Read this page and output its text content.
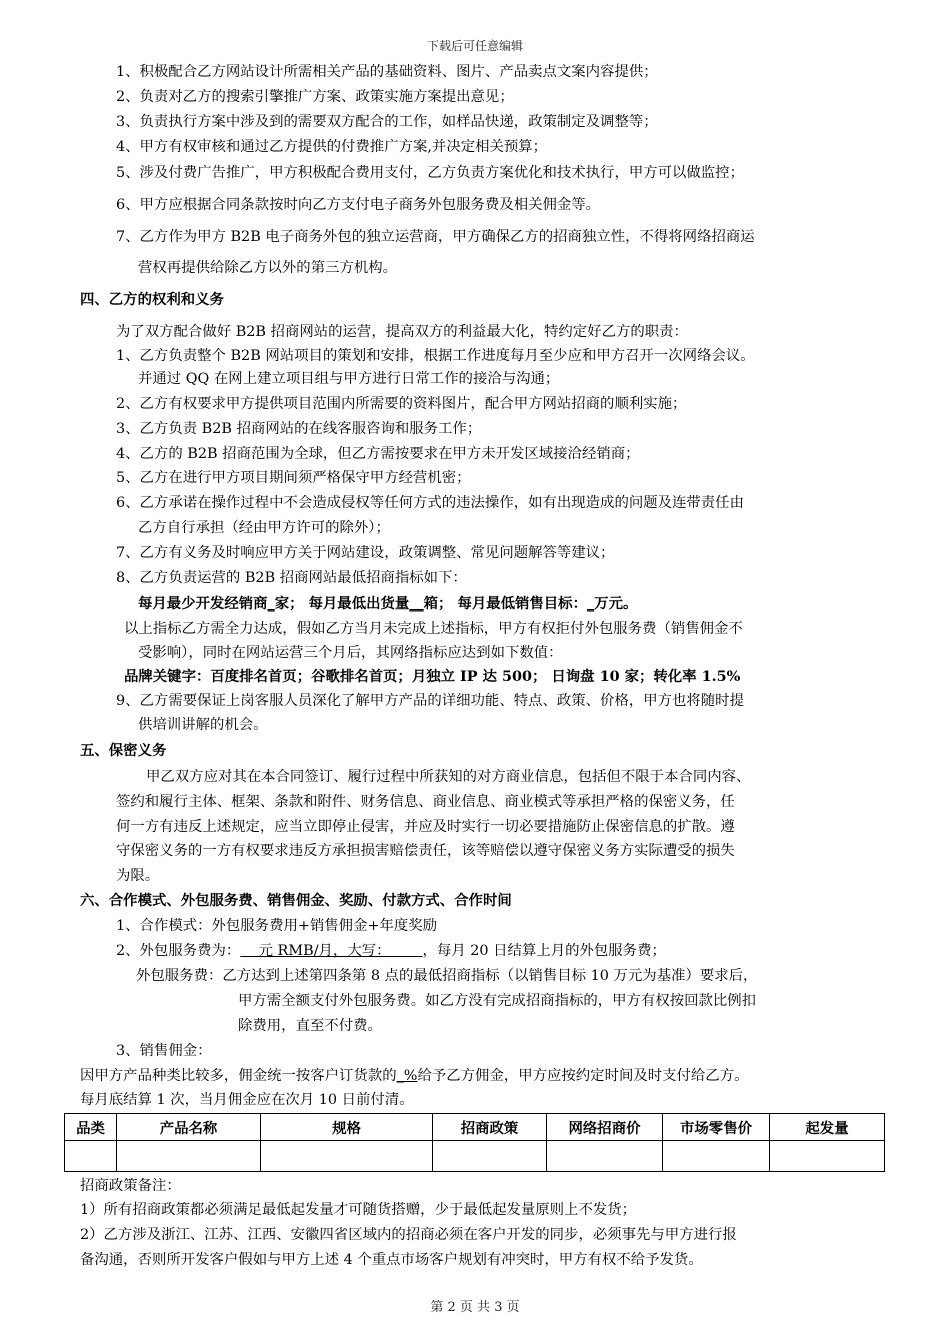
下载后可任意编辑
1、积极配合乙方网站设计所需相关产品的基础资料、图片、产品卖点文案内容提供；
2、负责对乙方的搜索引擎推广方案、政策实施方案提出意见；
3、负责执行方案中涉及到的需要双方配合的工作，如样品快递，政策制定及调整等；
4、甲方有权审核和通过乙方提供的付费推广方案,并决定相关预算；
5、涉及付费广告推广，甲方积极配合费用支付，乙方负责方案优化和技术执行，甲方可以做监控；
6、甲方应根据合同条款按时向乙方支付电子商务外包服务费及相关佣金等。
7、乙方作为甲方 B2B 电子商务外包的独立运营商，甲方确保乙方的招商独立性，不得将网络招商运
营权再提供给除乙方以外的第三方机构。
四、乙方的权利和义务
为了双方配合做好 B2B 招商网站的运营，提高双方的利益最大化，特约定好乙方的职责：
1、乙方负责整个 B2B 网站项目的策划和安排，根据工作进度每月至少应和甲方召开一次网络会议。
并通过 QQ 在网上建立项目组与甲方进行日常工作的接洽与沟通；
2、乙方有权要求甲方提供项目范围内所需要的资料图片，配合甲方网站招商的顺利实施；
3、乙方负责 B2B 招商网站的在线客服咨询和服务工作；
4、乙方的 B2B 招商范围为全球，但乙方需按要求在甲方未开发区域接洽经销商；
5、乙方在进行甲方项目期间须严格保守甲方经营机密；
6、乙方承诺在操作过程中不会造成侵权等任何方式的违法操作，如有出现造成的问题及连带责任由
乙方自行承担（经由甲方许可的除外）；
7、乙方有义务及时响应甲方关于网站建设，政策调整、常见问题解答等建议；
8、乙方负责运营的 B2B 招商网站最低招商指标如下：
每月最少开发经销商_家； 每月最低出货量__箱； 每月最低销售目标：_万元。
以上指标乙方需全力达成，假如乙方当月未完成上述指标，甲方有权拒付外包服务费（销售佣金不
受影响），同时在网站运营三个月后，其网络指标应达到如下数值：
品牌关键字：百度排名首页；谷歌排名首页；月独立 IP 达 500； 日询盘 10 家；转化率 1.5%
9、乙方需要保证上岗客服人员深化了解甲方产品的详细功能、特点、政策、价格，甲方也将随时提
供培训讲解的机会。
五、保密义务
甲乙双方应对其在本合同签订、履行过程中所获知的对方商业信息，包括但不限于本合同内容、
签约和履行主体、框架、条款和附件、财务信息、商业信息、商业模式等承担严格的保密义务，任
何一方有违反上述规定，应当立即停止侵害，并应及时实行一切必要措施防止保密信息的扩散。遵
守保密义务的一方有权要求违反方承担损害赔偿责任，该等赔偿以遵守保密义务方实际遭受的损失
为限。
六、合作模式、外包服务费、销售佣金、奖励、付款方式、合作时间
1、合作模式：外包服务费用+销售佣金+年度奖励
2、外包服务费为：    元 RMB/月，大写：       ，每月 20 日结算上月的外包服务费；
外包服务费：乙方达到上述第四条第 8 点的最低招商指标（以销售目标 10 万元为基准）要求后，
甲方需全额支付外包服务费。如乙方没有完成招商指标的，甲方有权按回款比例扣
除费用，直至不付费。
3、销售佣金：
因甲方产品种类比较多，佣金统一按客户订货款的_%给予乙方佣金，甲方应按约定时间及时支付给乙方。
每月底结算 1 次，当月佣金应在次月 10 日前付清。
品类	产品名称	规格	招商政策	网络招商价	市场零售价	起发量

招商政策备注：
1）所有招商政策都必须满足最低起发量才可随货搭赠，少于最低起发量原则上不发货；
2）乙方涉及浙江、江苏、江西、安徽四省区域内的招商必须在客户开发的同步，必须事先与甲方进行报
备沟通，否则所开发客户假如与甲方上述 4 个重点市场客户规划有冲突时，甲方有权不给予发货。
第 2 页 共 3 页
